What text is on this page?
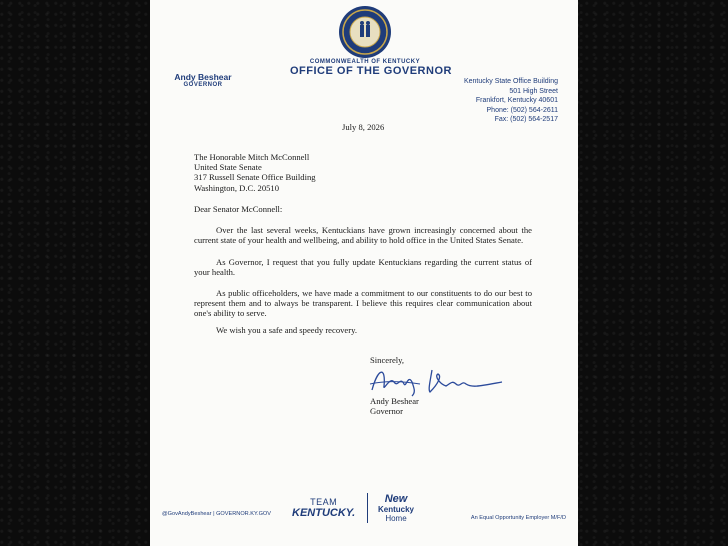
Andy Beshear
GOVERNOR
COMMONWEALTH OF KENTUCKY
OFFICE OF THE GOVERNOR
Kentucky State Office Building
501 High Street
Frankfort, Kentucky 40601
Phone: (502) 564-2611
Fax: (502) 564-2517
July 8, 2026
The Honorable Mitch McConnell
United State Senate
317 Russell Senate Office Building
Washington, D.C. 20510
Dear Senator McConnell:
Over the last several weeks, Kentuckians have grown increasingly concerned about the current state of your health and wellbeing, and ability to hold office in the United States Senate.
As Governor, I request that you fully update Kentuckians regarding the current status of your health.
As public officeholders, we have made a commitment to our constituents to do our best to represent them and to always be transparent. I believe this requires clear communication about one's ability to serve.
We wish you a safe and speedy recovery.
Sincerely,
Andy Beshear
Governor
@GovAndyBeshear | GOVERNOR.KY.GOV
TEAM
KENTUCKY.
New
Kentucky
Home	An Equal Opportunity Employer M/F/D
